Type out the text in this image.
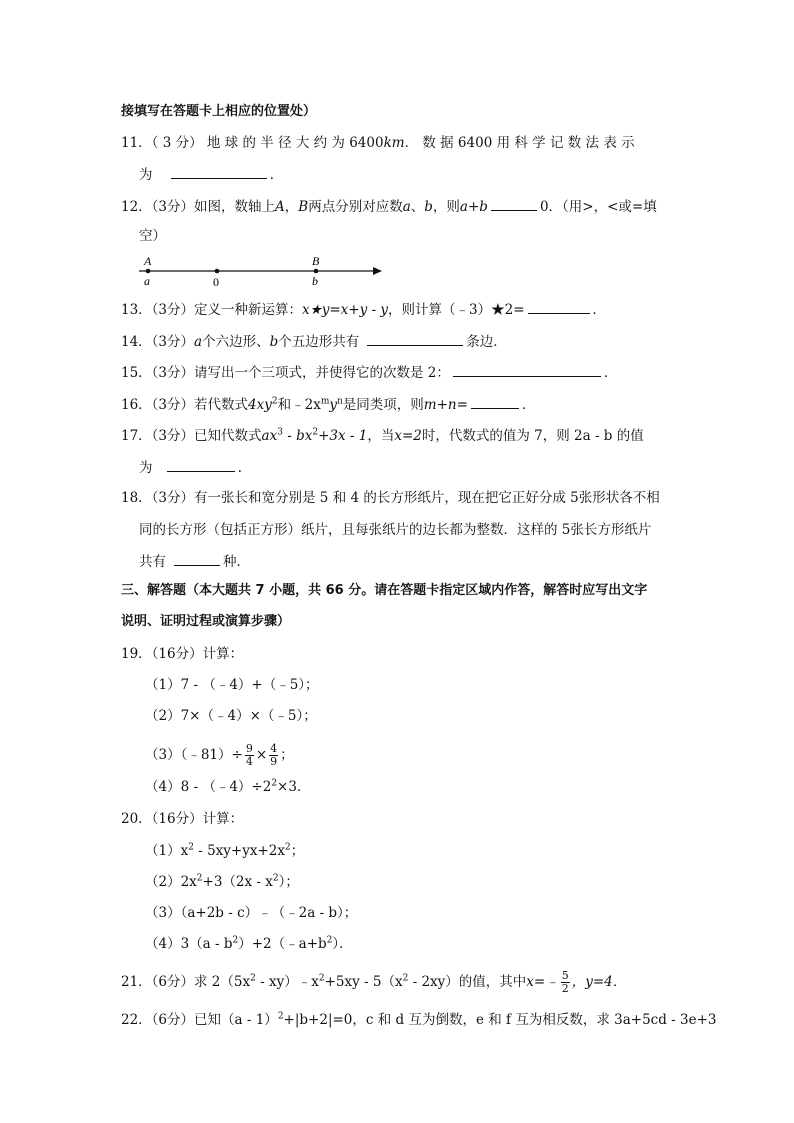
接填写在答题卡上相应的位置处）
11．（ 3 分） 地 球 的 半 径 大 约 为 6400km． 数 据 6400 用 科 学 记 数 法 表 示
为	．
12．（3分）如图，数轴上A，B两点分别对应数a、b，则a+b	0．（用>，<或=填
空）
A
a	0
B
b
13．（3分）定义一种新运算：x★y=x+y - y，则计算（﹣3）★2=	．
14．（3分）a个六边形、b个五边形共有	条边．
15．（3分）请写出一个三项式，并使得它的次数是 2：	．
16．（3分）若代数式$4xy^2$和$﹣2x^my^n$是同类项，则m+n=	．
17．（3分）已知代数式$ax^3 - bx^2+3x - 1$，当x=2时，代数式的值为 7，则 2a - b 的值
为	．
18．（3分）有一张长和宽分别是 5 和 4 的长方形纸片，现在把它正好分成 5张形状各不相
同的长方形（包括正方形）纸片，且每张纸片的边长都为整数．这样的 5张长方形纸片
共有	种．
三、解答题（本大题共 7 小题，共 66 分。请在答题卡指定区域内作答，解答时应写出文字
说明、证明过程或演算步骤）
19．（16分）计算：
（1）7 - （﹣4）+（﹣5）；
（2）7×（﹣4）×（﹣5）；
（3）（﹣81）÷ $\frac{9}{4} \times \frac{4}{9}$ ；
$(4)8 - (﹣4)\div 2^2\times 3$．
20．（16分）计算：
$(1)x^2 - 5xy+yx+2x^2$；
$(2)2x^2+3(2x - x^2)$；
（3）（a+2b - c）﹣（﹣2a - b）；
$(4)3(a - b^2)+2(﹣a+b^2)$．
21．（6分）求 $2(5x^2$ - $xy)﹣x^2+5xy - 5(x^2 - 2xy)$的值，其中x=﹣ $\frac{5}{2}$ ，y=4．
22．（6分）已知（a - 1）$^2$+|b+2|=0，c 和 d 互为倒数，e 和 f 互为相反数，求 3a+5cd - 3e+3
